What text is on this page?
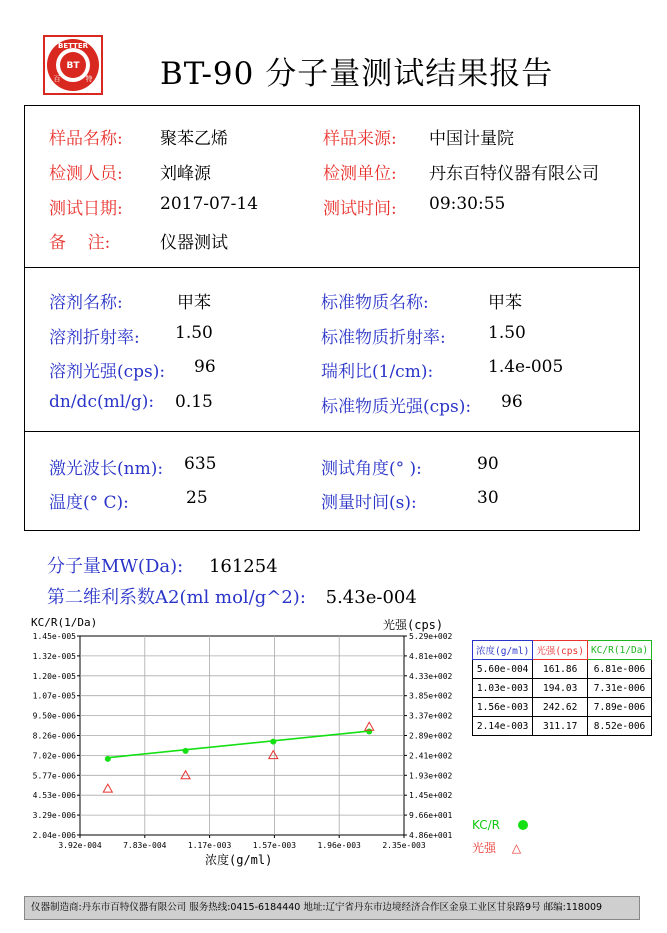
BETTER
BT
百	特 BT-90 分子量测试结果报告
样品名称: 聚苯乙烯	样品来源: 中国计量院
检测人员: 刘峰源	检测单位: 丹东百特仪器有限公司
测试日期: 2017-07-14	测试时间: 09:30:55
备    注:	仪器测试
溶剂名称:	甲苯	标准物质名称:	甲苯
溶剂折射率: 1.50	标准物质折射率: 1.50
溶剂光强(cps): 96	瑞利比(1/cm):	1.4e-005
dn/dc(ml/g): 0.15	标准物质光强(cps): 96
激光波长(nm): 635	测试角度(° ):	90
温度(° C):	25	测量时间(s):	30
分子量MW(Da): 161254
第二维利系数A2(ml mol/g^2): 5.43e-004
KC/R(1/Da)	光强(cps)
1.45e-005
1.32e-005
1.20e-005
1.07e-005
9.50e-006
8.26e-006
7.02e-006
5.77e-006
4.53e-006
3.29e-006
2.04e-006
5.29e+002
4.81e+002
4.33e+002
3.85e+002
3.37e+002
2.89e+002
2.41e+002
1.93e+002
1.45e+002
9.66e+001
4.86e+001
3.92e-004	7.83e-004	1.17e-003	1.57e-003	1.96e-003	2.35e-003
浓度(g/ml)
浓度(g/ml)	光强(cps)	KC/R(1/Da)
5.60e-004	161.86	6.81e-006
1.03e-003	194.03	7.31e-006
1.56e-003	242.62	7.89e-006
2.14e-003	311.17	8.52e-006
KC/R
光强 △
仪器制造商:丹东市百特仪器有限公司 服务热线:0415-6184440 地址:辽宁省丹东市边境经济合作区金泉工业区甘泉路9号 邮编:118009
